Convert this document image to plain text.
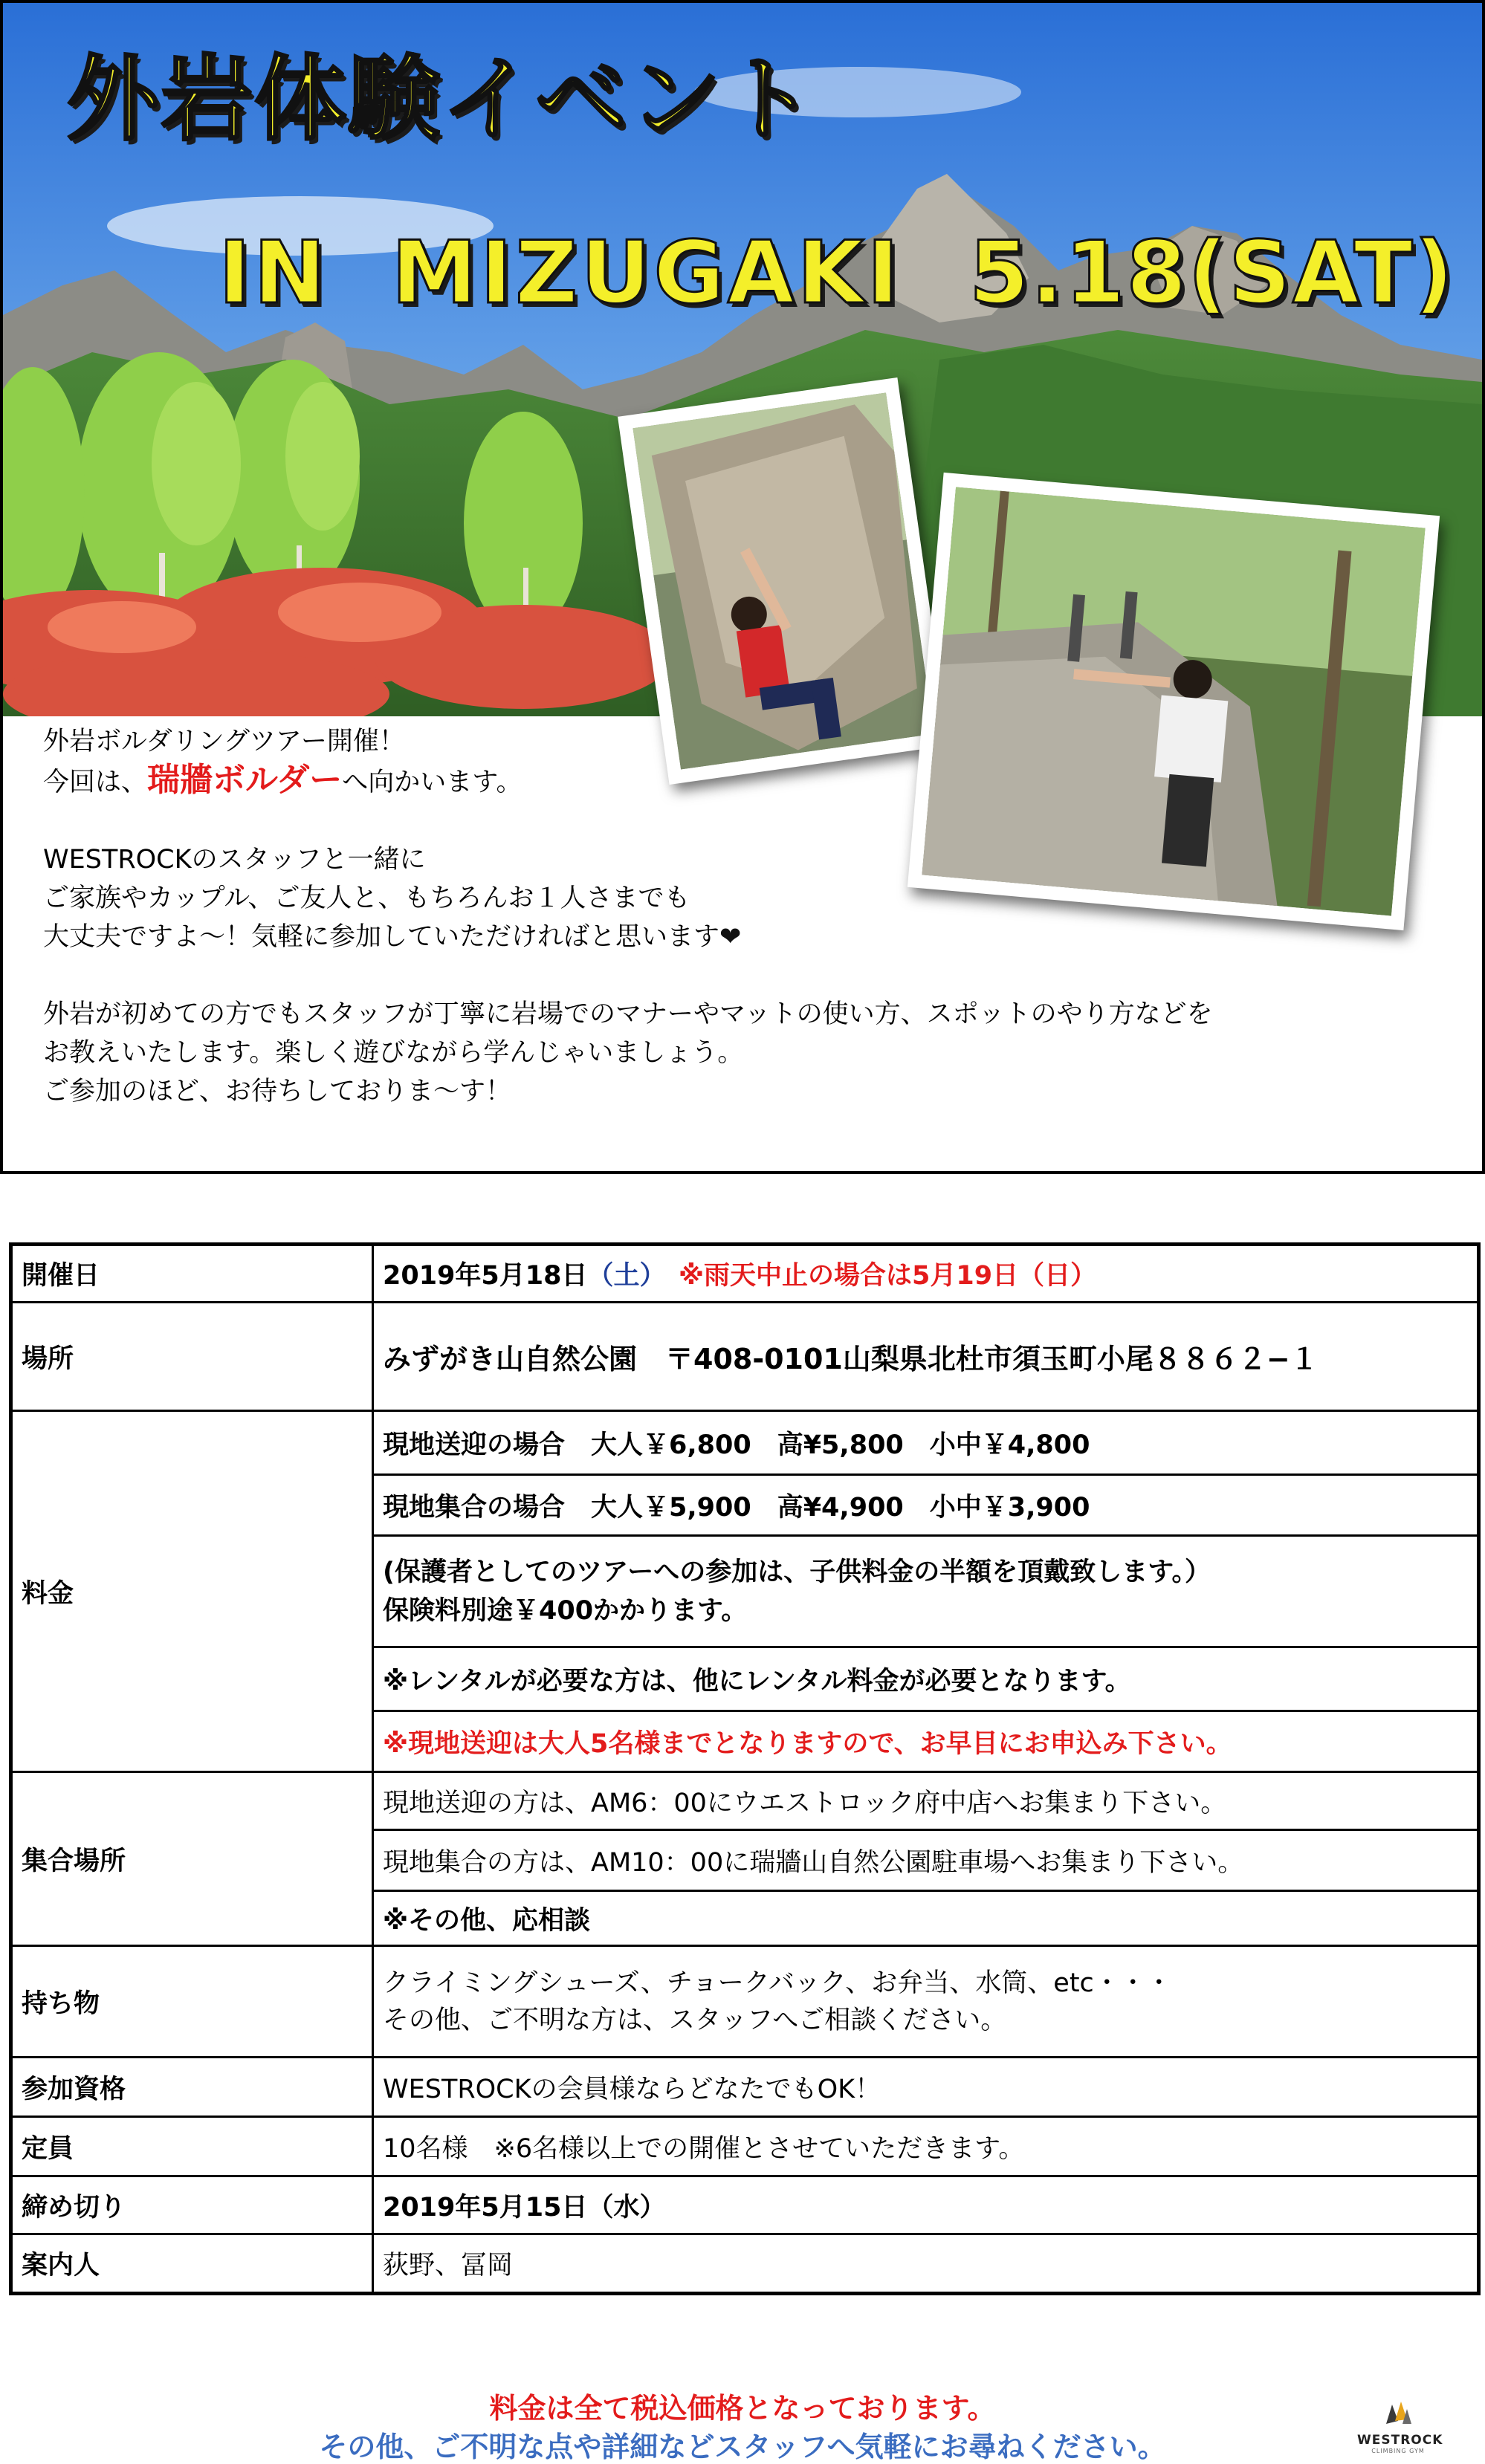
外岩体験イベント
IN MIZUGAKI 5.18(SAT)

外岩ボルダリングツアー開催！

今回は、瑞牆ボルダーへ向かいます。

WESTROCKのスタッフと一緒に

ご家族やカップル、ご友人と、もちろんお１人さまでも

大丈夫ですよ～！気軽に参加していただければと思います❤

外岩が初めての方でもスタッフが丁寧に岩場でのマナーやマットの使い方、スポットのやり方などを

お教えいたします。楽しく遊びながら学んじゃいましょう。

ご参加のほど、お待ちしておりま～す！

開催日	2019年5月18日（土）　 ※雨天中止の場合は5月19日（日）
場所	みずがき山自然公園　〒408-0101山梨県北杜市須玉町小尾８８６２−１
料金	現地送迎の場合　大人￥6,800　高¥5,800　小中￥4,800
	現地集合の場合　大人￥5,900　高¥4,900　小中￥3,900

	(保護者としてのツアーへの参加は、子供料金の半額を頂戴致します。）
保険料別途￥400かかります。

	※レンタルが必要な方は、他にレンタル料金が必要となります。
	※現地送迎は大人5名様までとなりますので、お早目にお申込み下さい。
集合場所	現地送迎の方は、AM6：00にウエストロック府中店へお集まり下さい。
	現地集合の方は、AM10：00に瑞牆山自然公園駐車場へお集まり下さい。
	※その他、応相談
持ち物	クライミングシューズ、チョークバック、お弁当、水筒、etc・・・
その他、ご不明な方は、スタッフへご相談ください。

参加資格	WESTROCKの会員様ならどなたでもOK！
定員	10名様　※6名様以上での開催とさせていただきます。
締め切り	2019年5月15日（水）
案内人	荻野、冨岡
料金は全て税込価格となっております。
その他、ご不明な点や詳細などスタッフへ気軽にお尋ねください。	WESTROCK
CLIMBING GYM
